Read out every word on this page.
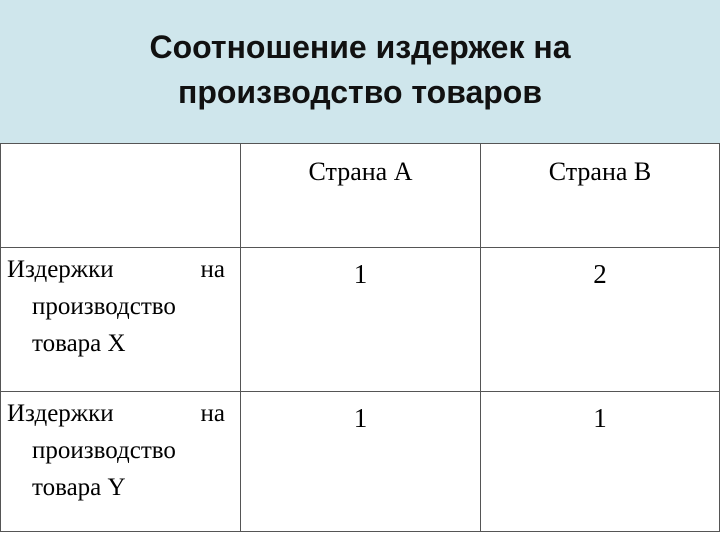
Соотношение издержек на производство товаров
	Страна А	Страна В

Издержки на
производство
товара X	1	2

Издержки на
производство
товара Y	1	1
